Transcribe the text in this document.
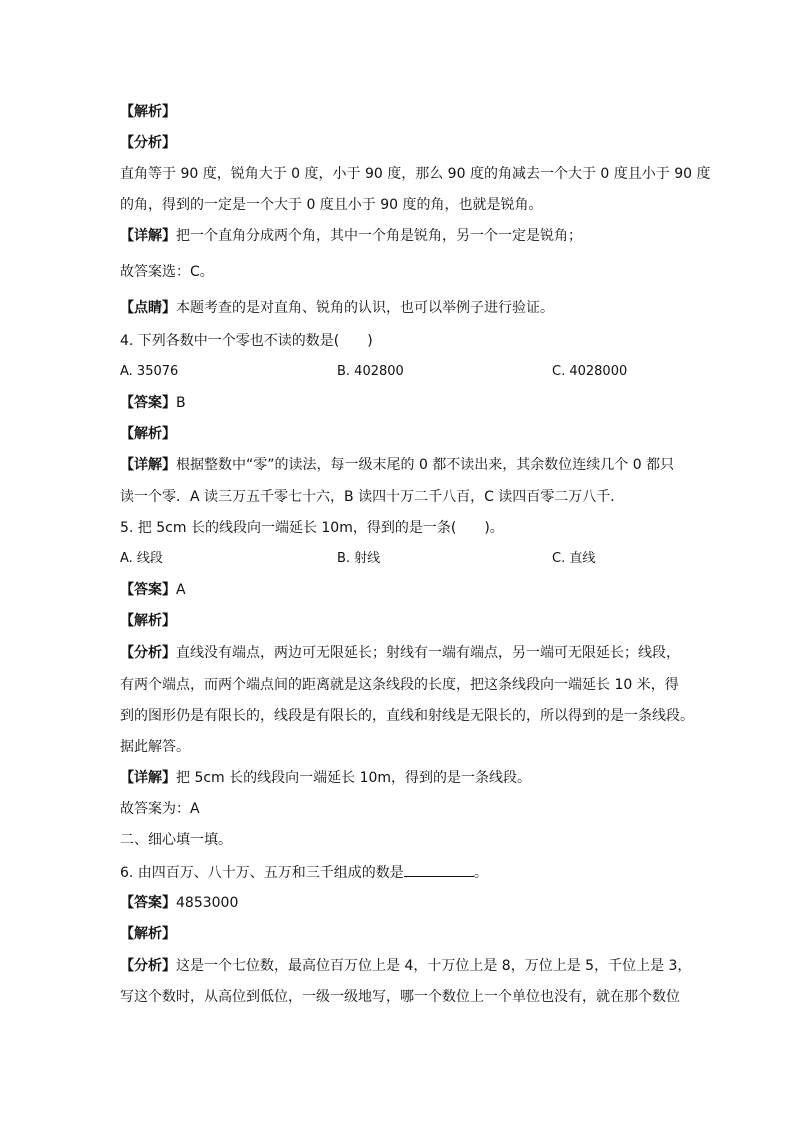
【解析】
【分析】
直角等于 90 度，锐角大于 0 度，小于 90 度，那么 90 度的角减去一个大于 0 度且小于 90 度
的角，得到的一定是一个大于 0 度且小于 90 度的角，也就是锐角。
【详解】把一个直角分成两个角，其中一个角是锐角，另一个一定是锐角；
故答案选：C。
【点睛】本题考查的是对直角、锐角的认识，也可以举例子进行验证。
4. 下列各数中一个零也不读的数是(　　)
A. 35076	B. 402800	C. 4028000
【答案】B
【解析】
【详解】根据整数中“零”的读法，每一级末尾的 0 都不读出来，其余数位连续几个 0 都只
读一个零．A 读三万五千零七十六，B 读四十万二千八百，C 读四百零二万八千．
5. 把 5cm 长的线段向一端延长 10m，得到的是一条(　　)。
A. 线段	B. 射线	C. 直线
【答案】A
【解析】
【分析】直线没有端点，两边可无限延长；射线有一端有端点，另一端可无限延长；线段，
有两个端点，而两个端点间的距离就是这条线段的长度，把这条线段向一端延长 10 米，得
到的图形仍是有限长的，线段是有限长的，直线和射线是无限长的，所以得到的是一条线段。
据此解答。
【详解】把 5cm 长的线段向一端延长 10m，得到的是一条线段。
故答案为：A
二、细心填一填。
6. 由四百万、八十万、五万和三千组成的数是	。
【答案】4853000
【解析】
【分析】这是一个七位数，最高位百万位上是 4，十万位上是 8，万位上是 5，千位上是 3，
写这个数时，从高位到低位，一级一级地写，哪一个数位上一个单位也没有，就在那个数位
